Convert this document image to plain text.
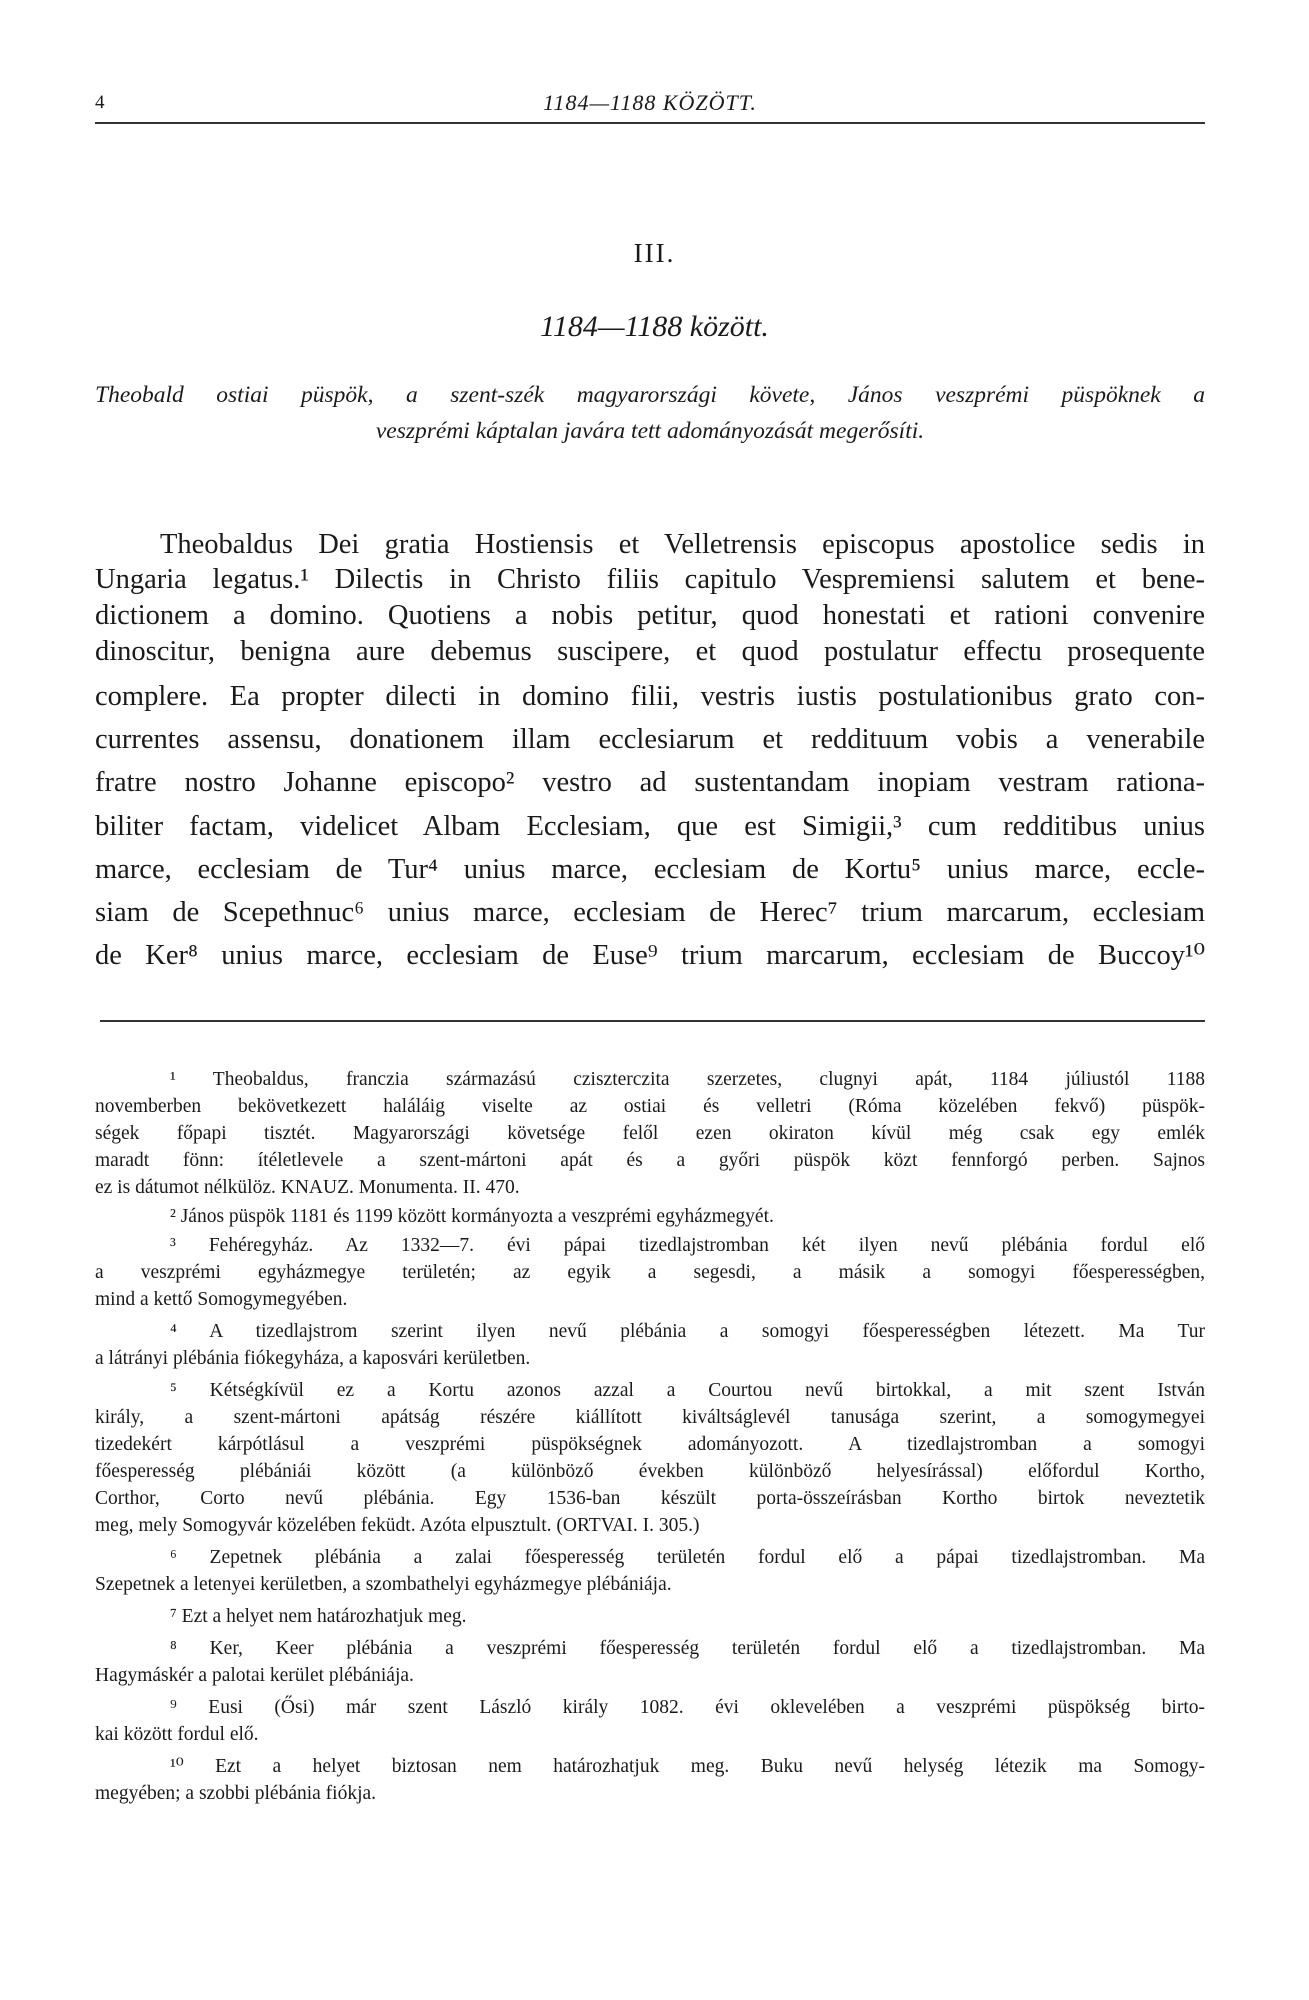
4	1184—1188 KÖZÖTT.
III.
1184—1188 között.
Theobald ostiai püspök, a szent-szék magyarországi követe, János veszprémi püspöknek a
veszprémi káptalan javára tett adományozását megerősíti.
Theobaldus Dei gratia Hostiensis et Velletrensis episcopus apostolice sedis in
Ungaria legatus.¹ Dilectis in Christo filiis capitulo Vespremiensi salutem et bene-
dictionem a domino. Quotiens a nobis petitur, quod honestati et rationi convenire
dinoscitur, benigna aure debemus suscipere, et quod postulatur effectu prosequente
complere. Ea propter dilecti in domino filii, vestris iustis postulationibus grato con-
currentes assensu, donationem illam ecclesiarum et reddituum vobis a venerabile
fratre nostro Johanne episcopo² vestro ad sustentandam inopiam vestram rationa-
biliter factam, videlicet Albam Ecclesiam, que est Simigii,³ cum redditibus unius
marce, ecclesiam de Tur⁴ unius marce, ecclesiam de Kortu⁵ unius marce, eccle-
siam de Scepethnuc⁶ unius marce, ecclesiam de Herec⁷ trium marcarum, ecclesiam
de Ker⁸ unius marce, ecclesiam de Euse⁹ trium marcarum, ecclesiam de Buccoy¹⁰
¹ Theobaldus, franczia származású cziszterczita szerzetes, clugnyi apát, 1184 júliustól 1188
novemberben bekövetkezett haláláig viselte az ostiai és velletri (Róma közelében fekvő) püspök-
ségek főpapi tisztét. Magyarországi követsége felől ezen okiraton kívül még csak egy emlék
maradt fönn: ítéletlevele a szent-mártoni apát és a győri püspök közt fennforgó perben. Sajnos
ez is dátumot nélkülöz. KNAUZ. Monumenta. II. 470.
² János püspök 1181 és 1199 között kormányozta a veszprémi egyházmegyét.
³ Fehéregyház. Az 1332—7. évi pápai tizedlajstromban két ilyen nevű plébánia fordul elő
a veszprémi egyházmegye területén; az egyik a segesdi, a másik a somogyi főesperességben,
mind a kettő Somogymegyében.
⁴ A tizedlajstrom szerint ilyen nevű plébánia a somogyi főesperességben létezett. Ma Tur
a látrányi plébánia fiókegyháza, a kaposvári kerületben.
⁵ Kétségkívül ez a Kortu azonos azzal a Courtou nevű birtokkal, a mit szent István
király, a szent-mártoni apátság részére kiállított kiváltságlevél tanusága szerint, a somogymegyei
tizedekért kárpótlásul a veszprémi püspökségnek adományozott. A tizedlajstromban a somogyi
főesperesség plébániái között (a különböző években különböző helyesírással) előfordul Kortho,
Corthor, Corto nevű plébánia. Egy 1536-ban készült porta-összeírásban Kortho birtok neveztetik
meg, mely Somogyvár közelében feküdt. Azóta elpusztult. (ORTVAI. I. 305.)
⁶ Zepetnek plébánia a zalai főesperesség területén fordul elő a pápai tizedlajstromban. Ma
Szepetnek a letenyei kerületben, a szombathelyi egyházmegye plébániája.
⁷ Ezt a helyet nem határozhatjuk meg.
⁸ Ker, Keer plébánia a veszprémi főesperesség területén fordul elő a tizedlajstromban. Ma
Hagymáskér a palotai kerület plébániája.
⁹ Eusi (Ősi) már szent László király 1082. évi oklevelében a veszprémi püspökség birto-
kai között fordul elő.
¹⁰ Ezt a helyet biztosan nem határozhatjuk meg. Buku nevű helység létezik ma Somogy-
megyében; a szobbi plébánia fiókja.
